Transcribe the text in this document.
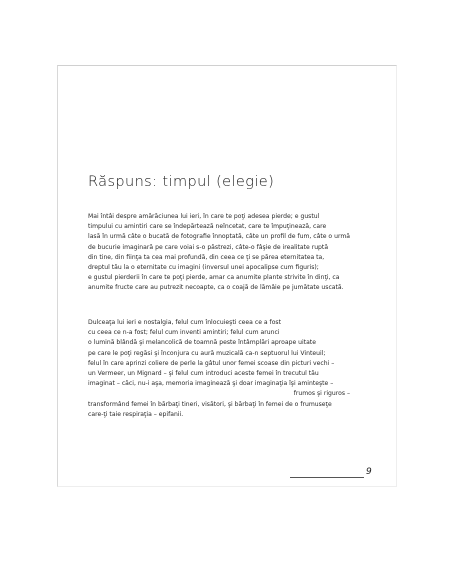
Răspuns: timpul (elegie)
Mai întâi despre amărăciunea lui ieri, în care te poţi adesea pierde; e gustul
timpului cu amintiri care se îndepărtează neîncetat, care te împuţinează, care
lasă în urmă câte o bucată de fotografie înnoptată, câte un profil de fum, câte o urmă
de bucurie imaginară pe care voiai s-o păstrezi, câte-o fâşie de irealitate ruptă
din tine, din fiinţa ta cea mai profundă, din ceea ce ţi se părea eternitatea ta,
dreptul tău la o eternitate cu imagini (inversul unei apocalipse cum figuris);
e gustul pierderii în care te poţi pierde, amar ca anumite plante strivite în dinţi, ca
anumite fructe care au putrezit necoapte, ca o coajă de lămâie pe jumătate uscată.
Dulceaţa lui ieri e nostalgia, felul cum înlocuieşti ceea ce a fost
cu ceea ce n-a fost; felul cum inventi amintiri; felul cum arunci
o lumină blândă şi melancolică de toamnă peste întâmplări aproape uitate
pe care le poţi regăsi şi înconjura cu aură muzicală ca-n septuorul lui Vinteuil;
felul în care aprinzi coliere de perle la gâtul unor femei scoase din picturi vechi –
un Vermeer, un Mignard – şi felul cum introduci aceste femei în trecutul tău
imaginat – căci, nu-i aşa, memoria imaginează şi doar imaginaţia îşi aminteşte –
frumos şi riguros –
transformând femei în bărbaţi tineri, visători, şi bărbaţi în femei de o frumuseţe
care-ţi taie respiraţia – epifanii.
9
